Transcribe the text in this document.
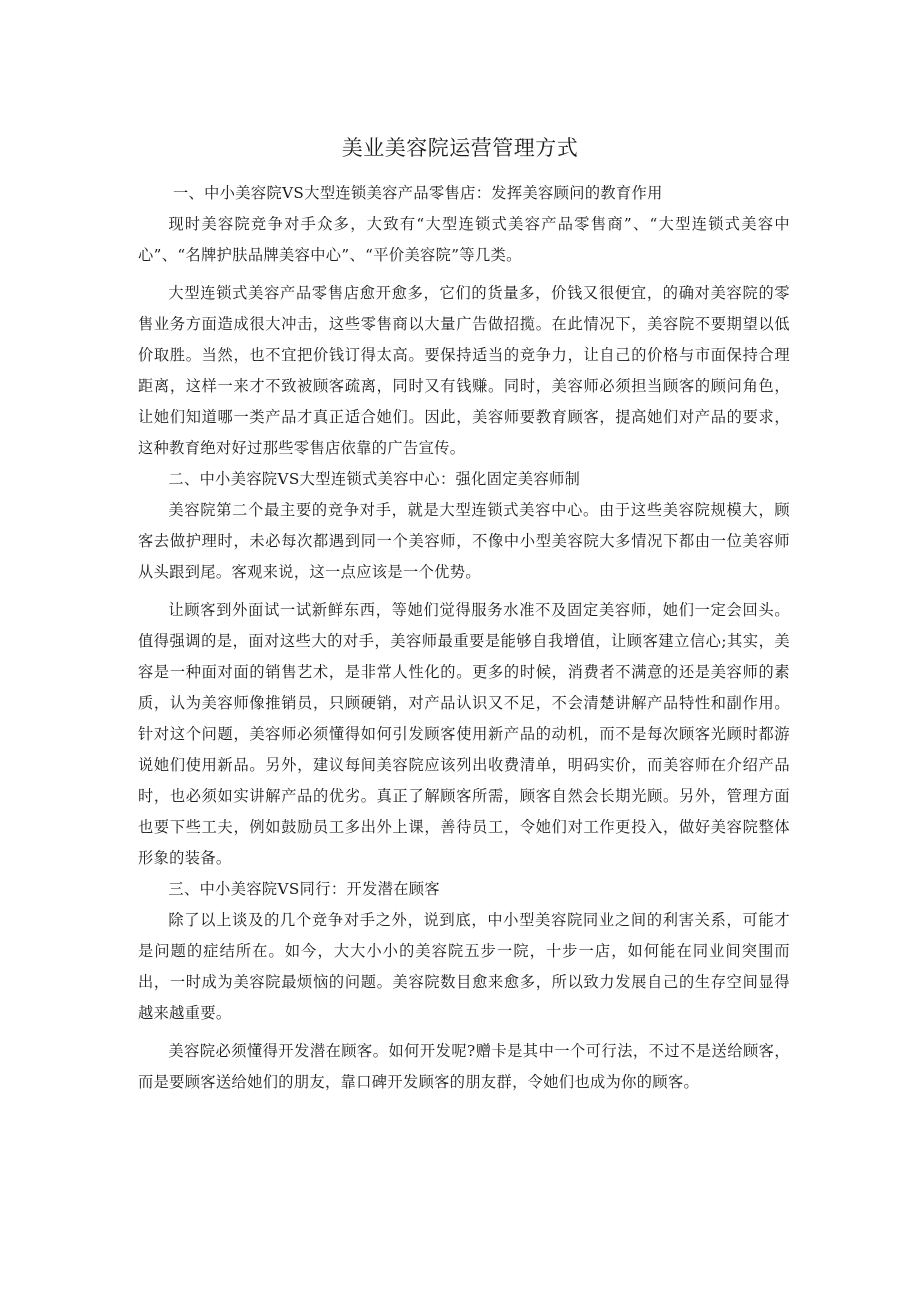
美业美容院运营管理方式

一、中小美容院VS大型连锁美容产品零售店：发挥美容顾问的教育作用

现时美容院竞争对手众多，大致有“大型连锁式美容产品零售商”、“大型连锁式美容中心”、“名牌护肤品牌美容中心”、“平价美容院”等几类。

大型连锁式美容产品零售店愈开愈多，它们的货量多，价钱又很便宜，的确对美容院的零售业务方面造成很大冲击，这些零售商以大量广告做招揽。在此情况下，美容院不要期望以低价取胜。当然，也不宜把价钱订得太高。要保持适当的竞争力，让自己的价格与市面保持合理距离，这样一来才不致被顾客疏离，同时又有钱赚。同时，美容师必须担当顾客的顾问角色，让她们知道哪一类产品才真正适合她们。因此，美容师要教育顾客，提高她们对产品的要求，这种教育绝对好过那些零售店依靠的广告宣传。

二、中小美容院VS大型连锁式美容中心：强化固定美容师制

美容院第二个最主要的竞争对手，就是大型连锁式美容中心。由于这些美容院规模大，顾客去做护理时，未必每次都遇到同一个美容师，不像中小型美容院大多情况下都由一位美容师从头跟到尾。客观来说，这一点应该是一个优势。

让顾客到外面试一试新鲜东西，等她们觉得服务水准不及固定美容师，她们一定会回头。值得强调的是，面对这些大的对手，美容师最重要是能够自我增值，让顾客建立信心;其实，美容是一种面对面的销售艺术，是非常人性化的。更多的时候，消费者不满意的还是美容师的素质，认为美容师像推销员，只顾硬销，对产品认识又不足，不会清楚讲解产品特性和副作用。针对这个问题，美容师必须懂得如何引发顾客使用新产品的动机，而不是每次顾客光顾时都游说她们使用新品。另外，建议每间美容院应该列出收费清单，明码实价，而美容师在介绍产品时，也必须如实讲解产品的优劣。真正了解顾客所需，顾客自然会长期光顾。另外，管理方面也要下些工夫，例如鼓励员工多出外上课，善待员工，令她们对工作更投入，做好美容院整体形象的装备。

三、中小美容院VS同行：开发潜在顾客

除了以上谈及的几个竞争对手之外，说到底，中小型美容院同业之间的利害关系，可能才是问题的症结所在。如今，大大小小的美容院五步一院，十步一店，如何能在同业间突围而出，一时成为美容院最烦恼的问题。美容院数目愈来愈多，所以致力发展自己的生存空间显得越来越重要。

美容院必须懂得开发潜在顾客。如何开发呢?赠卡是其中一个可行法，不过不是送给顾客，而是要顾客送给她们的朋友，靠口碑开发顾客的朋友群，令她们也成为你的顾客。
